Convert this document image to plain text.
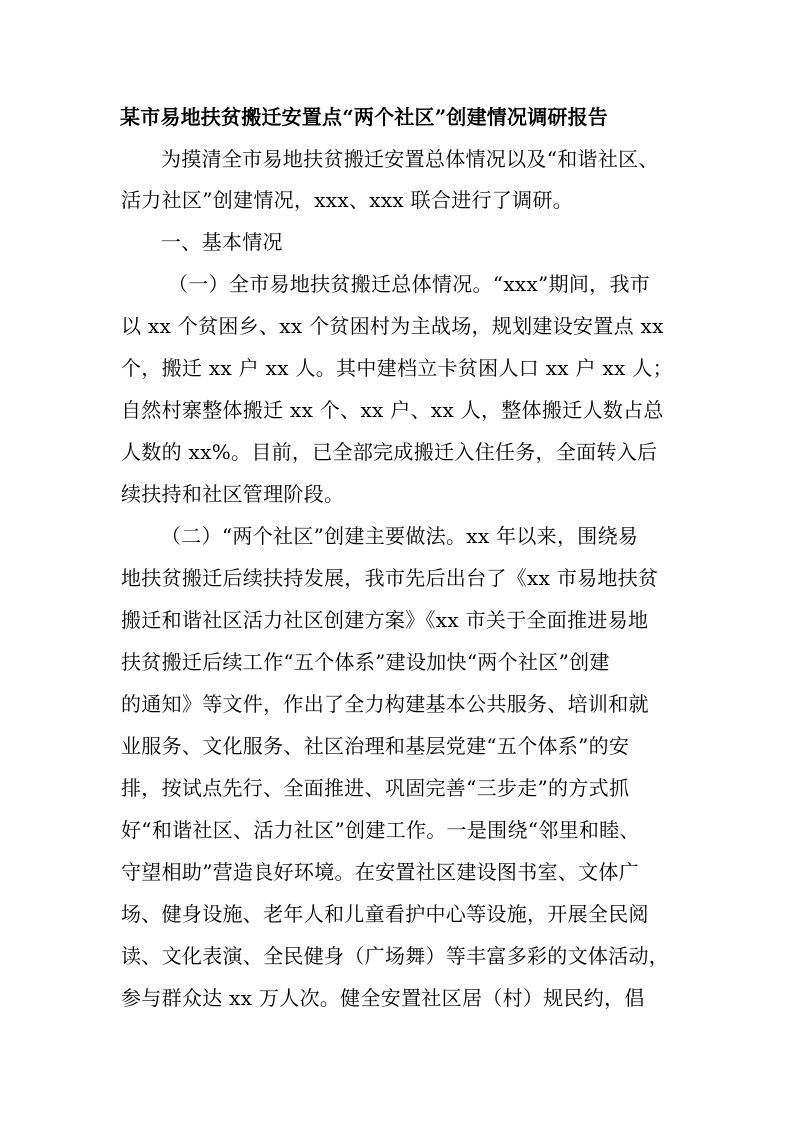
某市易地扶贫搬迁安置点“两个社区”创建情况调研报告
为摸清全市易地扶贫搬迁安置总体情况以及“和谐社区、
活力社区”创建情况，xxx、xxx 联合进行了调研。
一、基本情况
（一）全市易地扶贫搬迁总体情况。“xxx”期间，我市
以 xx 个贫困乡、xx 个贫困村为主战场，规划建设安置点 xx
个，搬迁 xx 户 xx 人。其中建档立卡贫困人口 xx 户 xx 人；
自然村寨整体搬迁 xx 个、xx 户、xx 人，整体搬迁人数占总
人数的 xx%。目前，已全部完成搬迁入住任务，全面转入后
续扶持和社区管理阶段。
（二）“两个社区”创建主要做法。xx 年以来，围绕易
地扶贫搬迁后续扶持发展，我市先后出台了《xx 市易地扶贫
搬迁和谐社区活力社区创建方案》《xx 市关于全面推进易地
扶贫搬迁后续工作“五个体系”建设加快“两个社区”创建
的通知》等文件，作出了全力构建基本公共服务、培训和就
业服务、文化服务、社区治理和基层党建“五个体系”的安
排，按试点先行、全面推进、巩固完善“三步走”的方式抓
好“和谐社区、活力社区”创建工作。一是围绕“邻里和睦、
守望相助”营造良好环境。在安置社区建设图书室、文体广
场、健身设施、老年人和儿童看护中心等设施，开展全民阅
读、文化表演、全民健身（广场舞）等丰富多彩的文体活动，
参与群众达 xx 万人次。健全安置社区居（村）规民约，倡
